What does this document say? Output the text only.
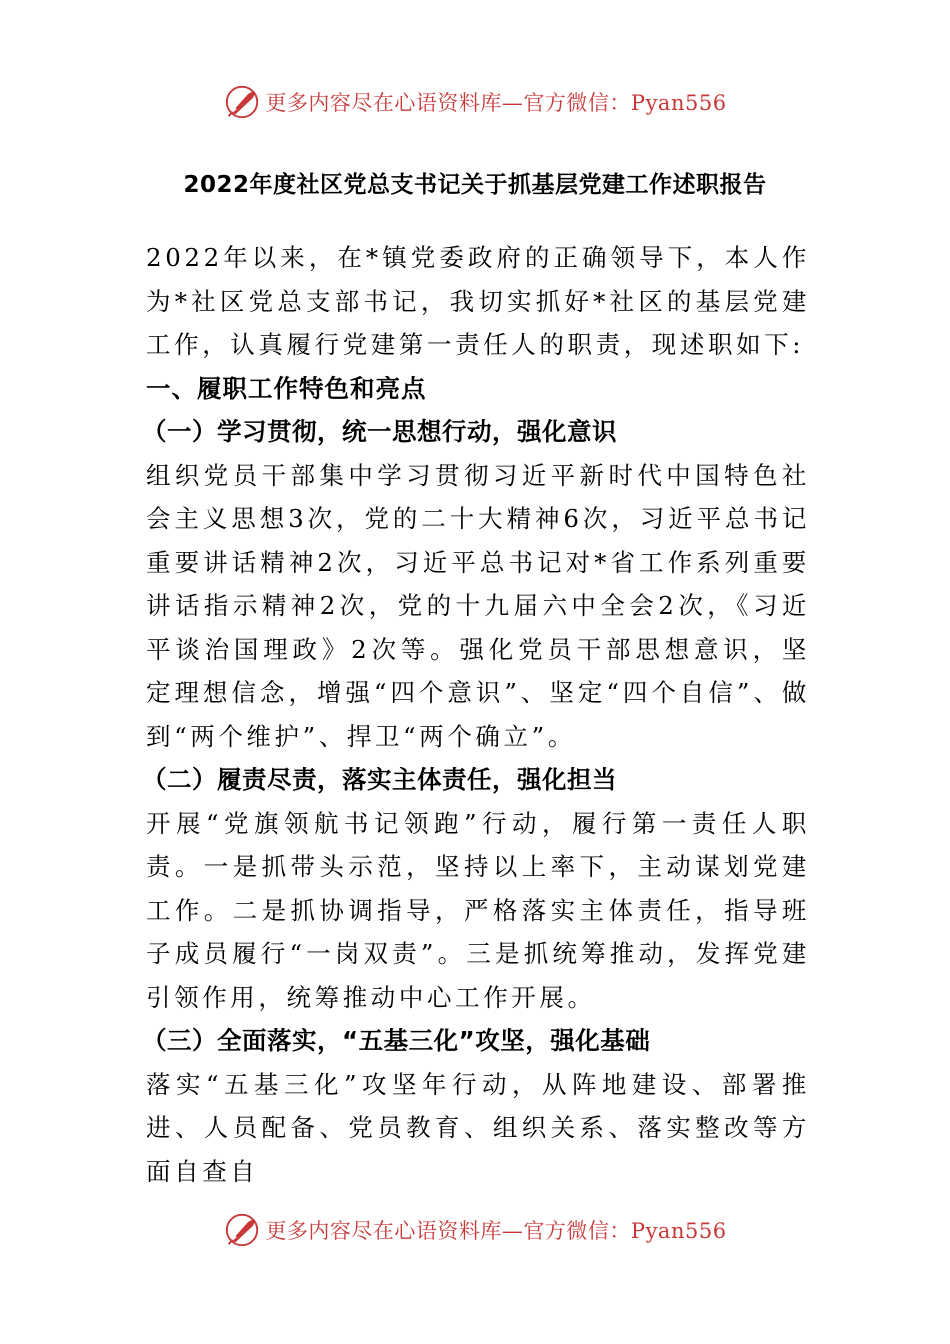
更多内容尽在心语资料库—官方微信：Pyan556
2022年度社区党总支书记关于抓基层党建工作述职报告

2022年以来，在*镇党委政府的正确领导下，本人作为*社区党总支部书记，我切实抓好*社区的基层党建工作，认真履行党建第一责任人的职责，现述职如下:

一、履职工作特色和亮点

（一）学习贯彻，统一思想行动，强化意识

组织党员干部集中学习贯彻习近平新时代中国特色社会主义思想3次，党的二十大精神6次，习近平总书记重要讲话精神2次，习近平总书记对*省工作系列重要讲话指示精神2次，党的十九届六中全会2次，《习近平谈治国理政》2次等。强化党员干部思想意识，坚定理想信念，增强“四个意识”、坚定“四个自信”、做到“两个维护”、捍卫“两个确立”。

（二）履责尽责，落实主体责任，强化担当

开展“党旗领航书记领跑”行动，履行第一责任人职责。一是抓带头示范，坚持以上率下，主动谋划党建工作。二是抓协调指导，严格落实主体责任，指导班子成员履行“一岗双责”。三是抓统筹推动，发挥党建引领作用，统筹推动中心工作开展。

（三）全面落实，“五基三化”攻坚，强化基础

落实“五基三化”攻坚年行动，从阵地建设、部署推进、人员配备、党员教育、组织关系、落实整改等方面自查自

更多内容尽在心语资料库—官方微信：Pyan556
